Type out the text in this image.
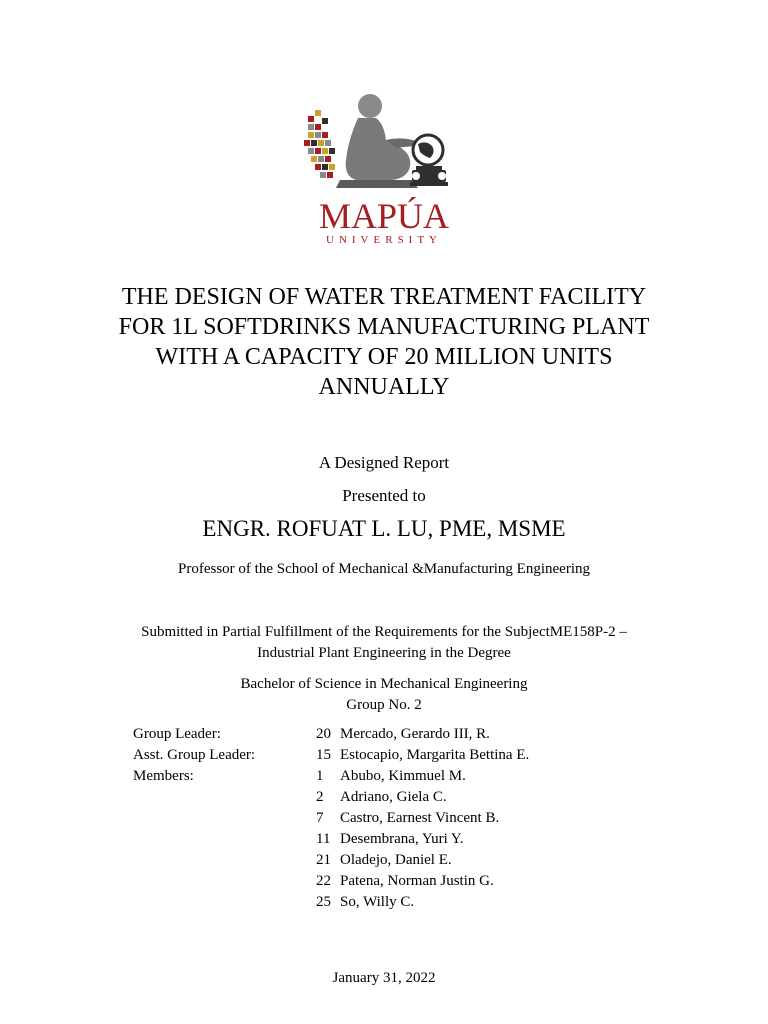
MAPÚA
UNIVERSITY
THE DESIGN OF WATER TREATMENT FACILITY
FOR 1L SOFTDRINKS MANUFACTURING PLANT
WITH A CAPACITY OF 20 MILLION UNITS
ANNUALLY
A Designed Report
Presented to
ENGR. ROFUAT L. LU, PME, MSME
Professor of the School of Mechanical &Manufacturing Engineering
Submitted in Partial Fulfillment of the Requirements for the SubjectME158P-2 –
Industrial Plant Engineering in the Degree
Bachelor of Science in Mechanical Engineering
Group No. 2
Group Leader:	20 Mercado, Gerardo III, R.
Asst. Group Leader:	15 Estocapio, Margarita Bettina E.
Members:	1 Abubo, Kimmuel M.
2 Adriano, Giela C.
7 Castro, Earnest Vincent B.
11 Desembrana, Yuri Y.
21 Oladejo, Daniel E.
22 Patena, Norman Justin G.
25 So, Willy C.
January 31, 2022
